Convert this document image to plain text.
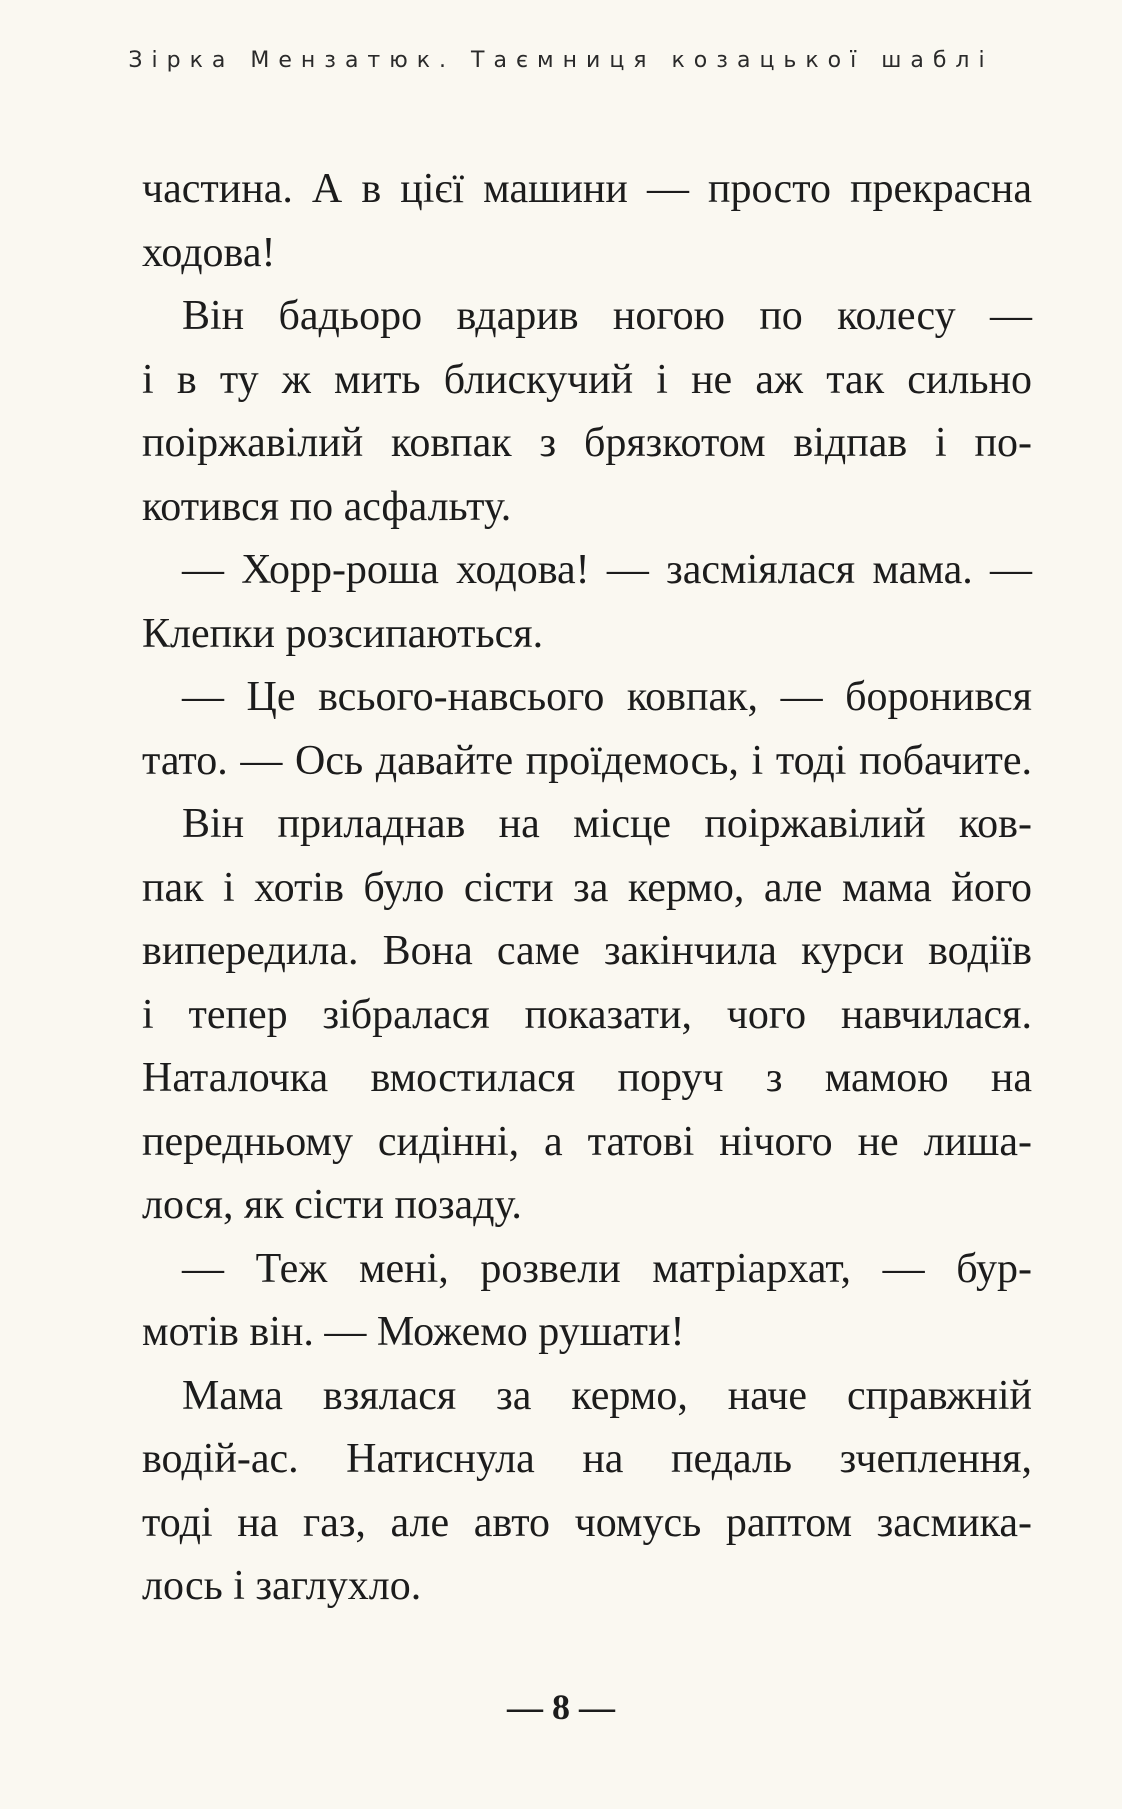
Зірка Мензатюк. Таємниця козацької шаблі
частина. А в цієї машини — просто прекрасна
ходова!
Він бадьоро вдарив ногою по колесу —
і в ту ж мить блискучий і не аж так сильно
поіржавілий ковпак з брязкотом відпав і по-
котився по асфальту.
— Хорр-роша ходова! — засміялася мама. —
Клепки розсипаються.
— Це всього-навсього ковпак, — боронився
тато. — Ось давайте проїдемось, і тоді побачите.
Він приладнав на місце поіржавілий ков-
пак і хотів було сісти за кермо, але мама його
випередила. Вона саме закінчила курси водіїв
і тепер зібралася показати, чого навчилася.
Наталочка вмостилася поруч з мамою на
передньому сидінні, а татові нічого не лиша-
лося, як сісти позаду.
— Теж мені, розвели матріархат, — бур-
мотів він. — Можемо рушати!
Мама взялася за кермо, наче справжній
водій-ас. Натиснула на педаль зчеплення,
тоді на газ, але авто чомусь раптом засмика-
лось і заглухло.
— 8 —
